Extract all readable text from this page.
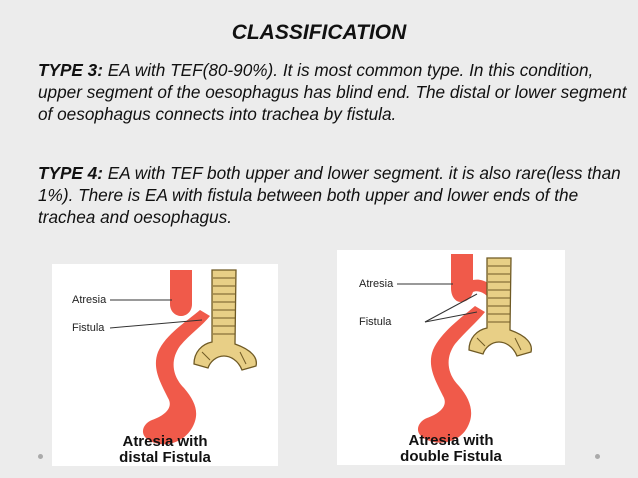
CLASSIFICATION
TYPE 3: EA with TEF(80-90%). It is most common type. In this condition, upper segment of the oesophagus has blind end. The distal or lower segment of oesophagus connects into trachea by fistula.
TYPE 4: EA with TEF both upper and lower segment. it is also rare(less than 1%). There is EA with fistula between both upper and lower ends of the trachea and oesophagus.
Atresia
Fistula
Atresia with
distal Fistula
Atresia
Fistula
Atresia with
double Fistula
